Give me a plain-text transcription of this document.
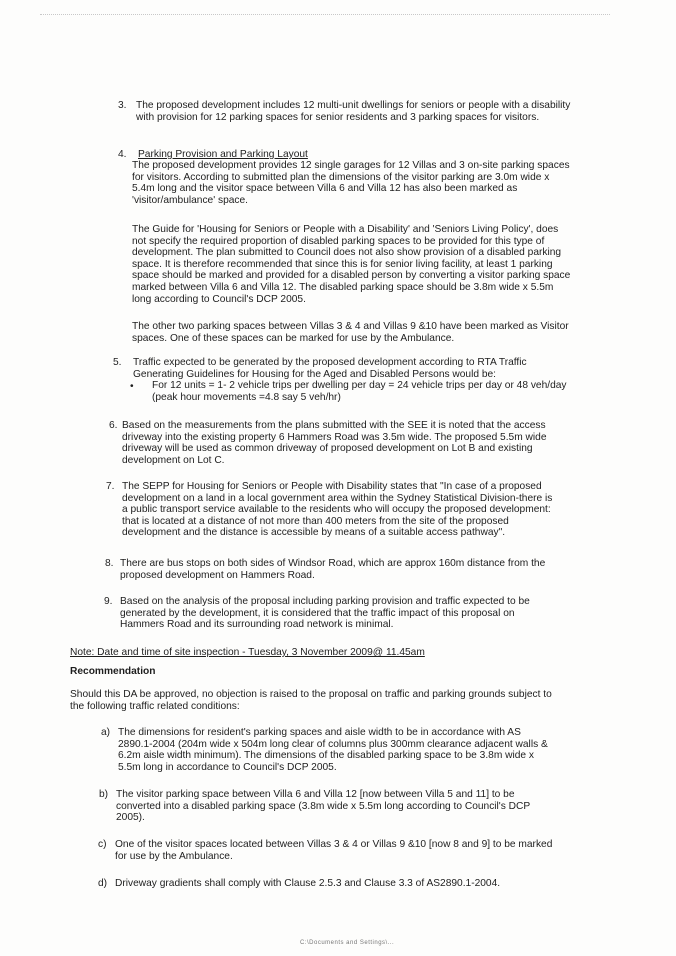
3. The proposed development includes 12 multi-unit dwellings for seniors or people with a disability
with provision for 12 parking spaces for senior residents and 3 parking spaces for visitors.
4. Parking Provision and Parking Layout
The proposed development provides 12 single garages for 12 Villas and 3 on-site parking spaces
for visitors. According to submitted plan the dimensions of the visitor parking are 3.0m wide x
5.4m long and the visitor space between Villa 6 and Villa 12 has also been marked as
'visitor/ambulance' space.
The Guide for 'Housing for Seniors or People with a Disability' and 'Seniors Living Policy', does
not specify the required proportion of disabled parking spaces to be provided for this type of
development. The plan submitted to Council does not also show provision of a disabled parking
space. It is therefore recommended that since this is for senior living facility, at least 1 parking
space should be marked and provided for a disabled person by converting a visitor parking space
marked between Villa 6 and Villa 12. The disabled parking space should be 3.8m wide x 5.5m
long according to Council's DCP 2005.
The other two parking spaces between Villas 3 & 4 and Villas 9 &10 have been marked as Visitor
spaces. One of these spaces can be marked for use by the Ambulance.
5. Traffic expected to be generated by the proposed development according to RTA Traffic
Generating Guidelines for Housing for the Aged and Disabled Persons would be:
• For 12 units = 1- 2 vehicle trips per dwelling per day = 24 vehicle trips per day or 48 veh/day
(peak hour movements =4.8 say 5 veh/hr)
6. Based on the measurements from the plans submitted with the SEE it is noted that the access
driveway into the existing property 6 Hammers Road was 3.5m wide. The proposed 5.5m wide
driveway will be used as common driveway of proposed development on Lot B and existing
development on Lot C.
7. The SEPP for Housing for Seniors or People with Disability states that "In case of a proposed
development on a land in a local government area within the Sydney Statistical Division-there is
a public transport service available to the residents who will occupy the proposed development:
that is located at a distance of not more than 400 meters from the site of the proposed
development and the distance is accessible by means of a suitable access pathway".
8. There are bus stops on both sides of Windsor Road, which are approx 160m distance from the
proposed development on Hammers Road.
9. Based on the analysis of the proposal including parking provision and traffic expected to be
generated by the development, it is considered that the traffic impact of this proposal on
Hammers Road and its surrounding road network is minimal.
Note: Date and time of site inspection - Tuesday, 3 November 2009@ 11.45am
Recommendation
Should this DA be approved, no objection is raised to the proposal on traffic and parking grounds subject to
the following traffic related conditions:
a) The dimensions for resident's parking spaces and aisle width to be in accordance with AS
2890.1-2004 (204m wide x 504m long clear of columns plus 300mm clearance adjacent walls &
6.2m aisle width minimum). The dimensions of the disabled parking space to be 3.8m wide x
5.5m long in accordance to Council's DCP 2005.
b) The visitor parking space between Villa 6 and Villa 12 [now between Villa 5 and 11] to be
converted into a disabled parking space (3.8m wide x 5.5m long according to Council's DCP
2005).
c) One of the visitor spaces located between Villas 3 & 4 or Villas 9 &10 [now 8 and 9] to be marked
for use by the Ambulance.
d) Driveway gradients shall comply with Clause 2.5.3 and Clause 3.3 of AS2890.1-2004.
C:\Documents and Settings\...
